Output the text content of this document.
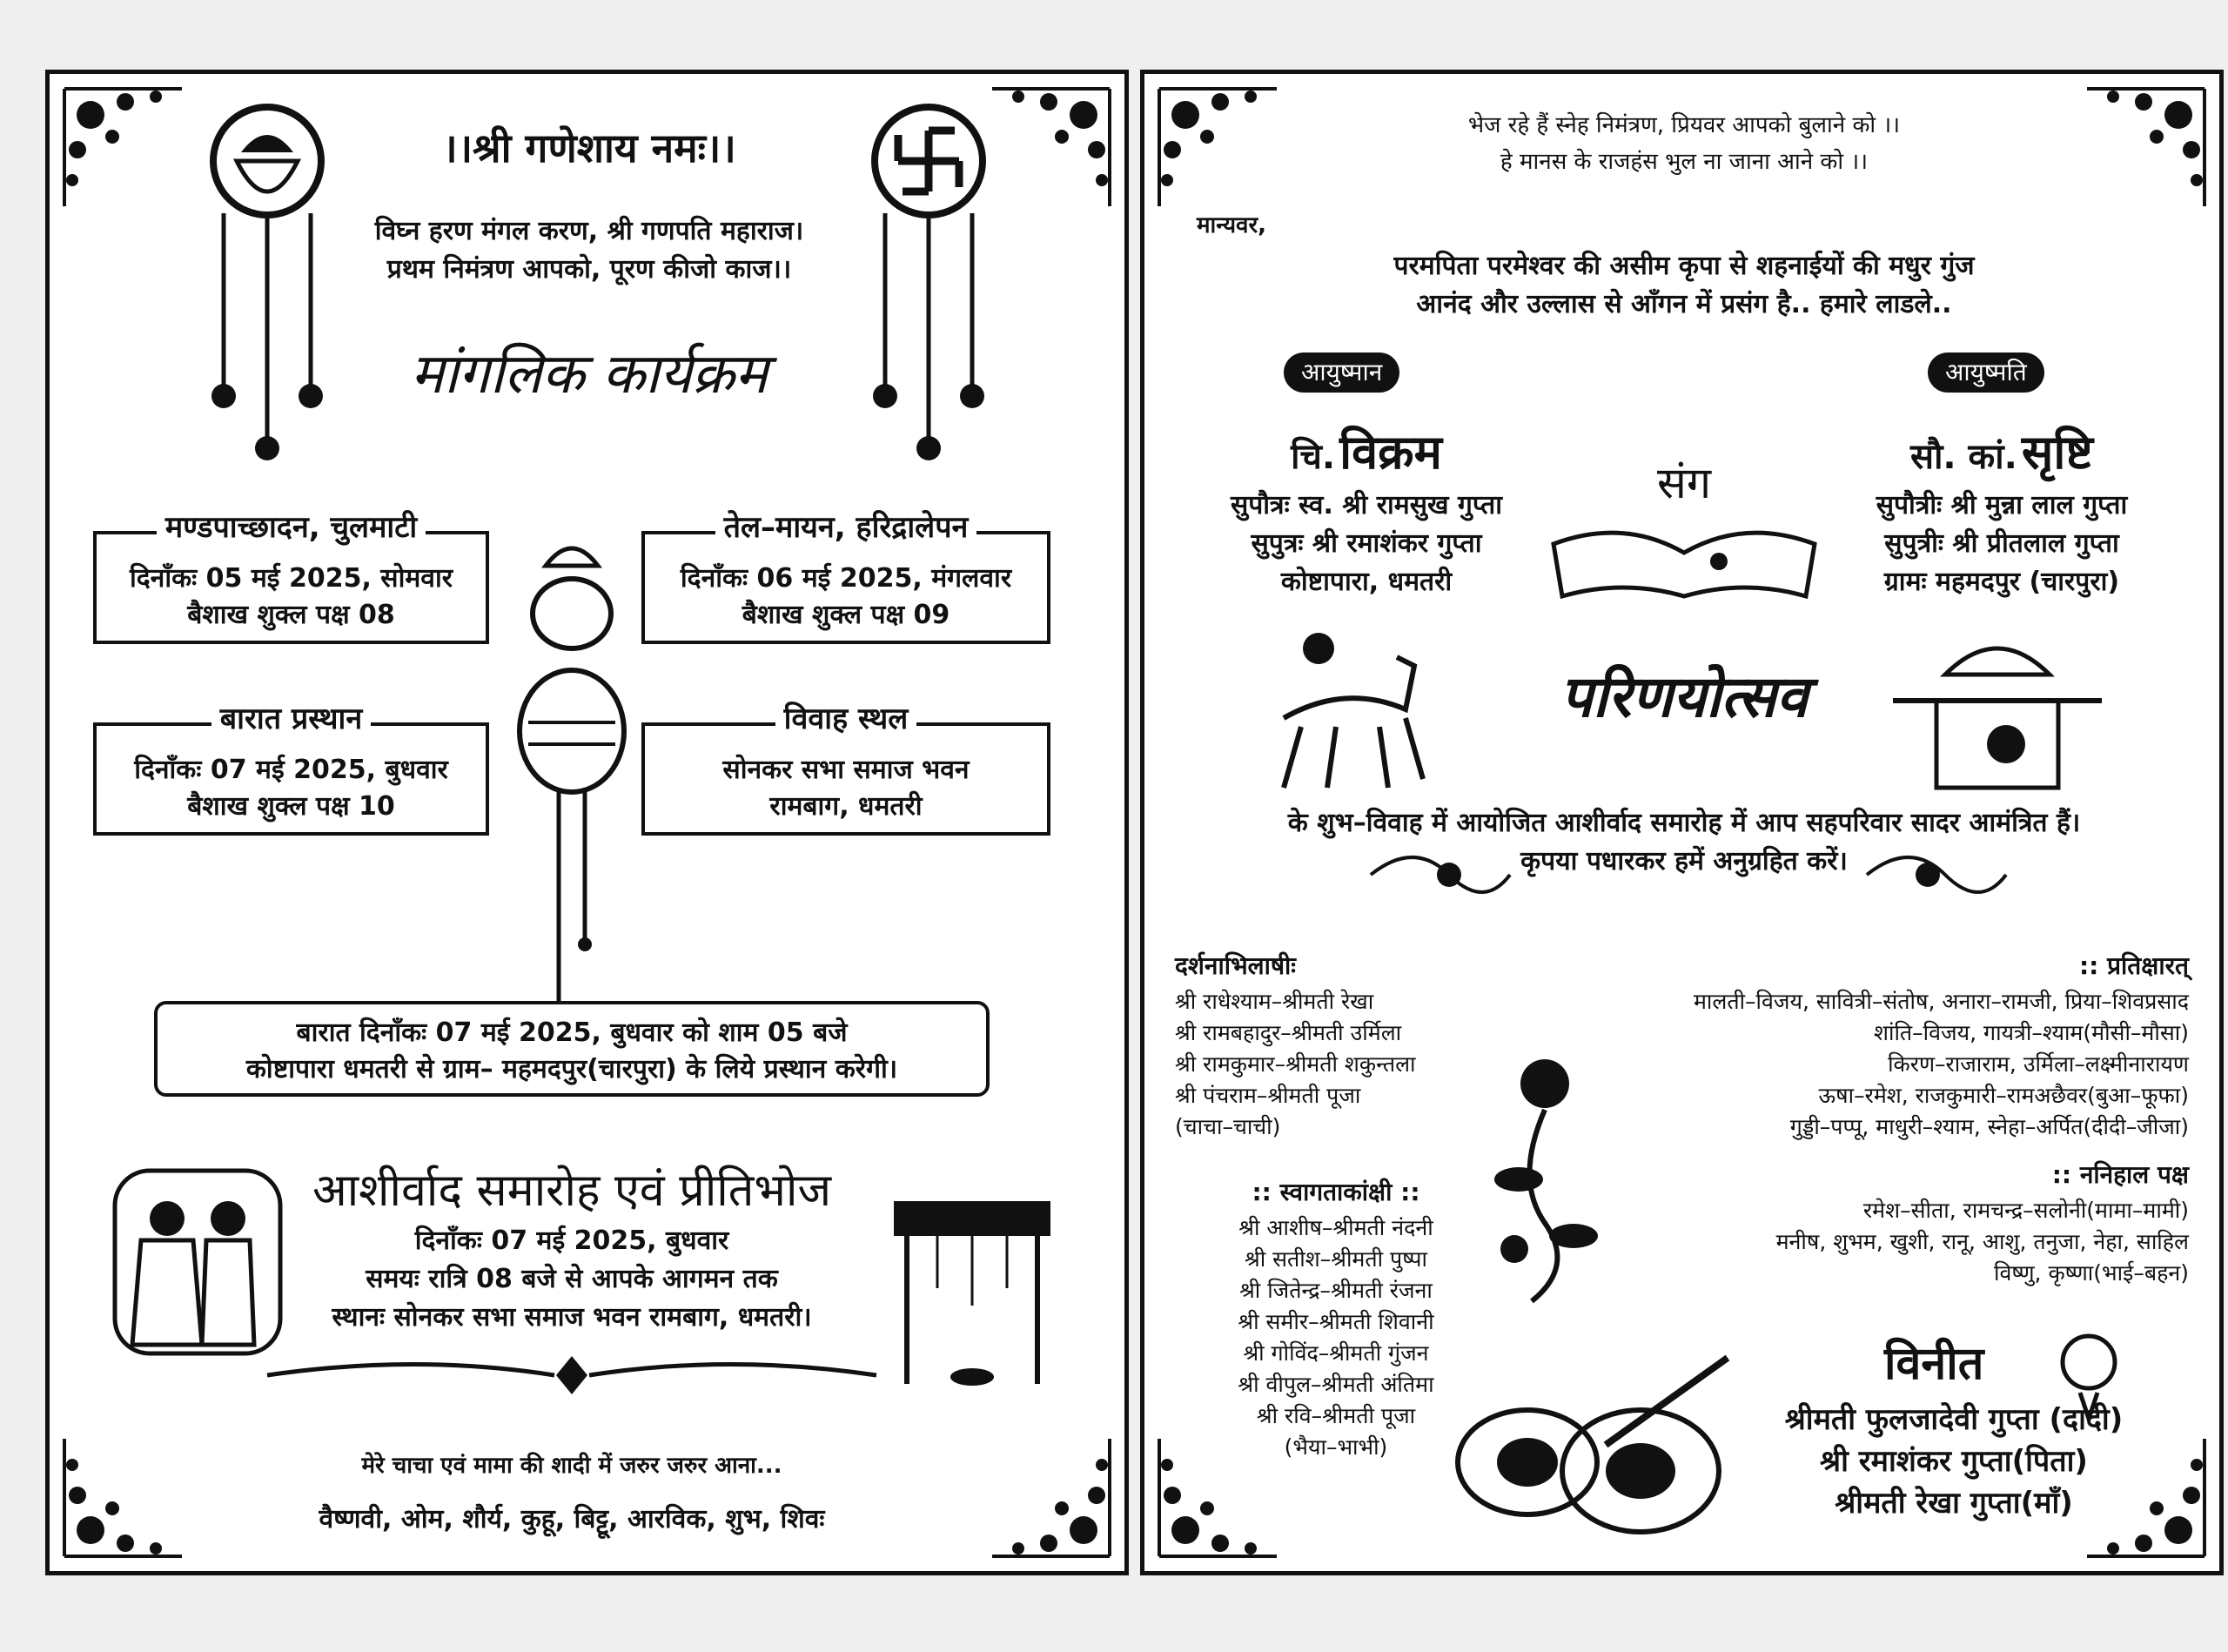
।।श्री गणेशाय नमः।।
विघ्न हरण मंगल करण, श्री गणपति महाराज।
प्रथम निमंत्रण आपको, पूरण कीजो काज।।
मांगलिक कार्यक्रम
मण्डपाच्छादन, चुलमाटी
दिनाँकः 05 मई 2025, सोमवार
बैशाख शुक्ल पक्ष 08
तेल–मायन, हरिद्रालेपन
दिनाँकः 06 मई 2025, मंगलवार
बैशाख शुक्ल पक्ष 09
बारात प्रस्थान
दिनाँकः 07 मई 2025, बुधवार
बैशाख शुक्ल पक्ष 10
विवाह स्थल
सोनकर सभा समाज भवन
रामबाग, धमतरी
बारात दिनाँकः 07 मई 2025, बुधवार को शाम 05 बजे
कोष्टापारा धमतरी से ग्राम– महमदपुर(चारपुरा) के लिये प्रस्थान करेगी।
आशीर्वाद समारोह एवं प्रीतिभोज
दिनाँकः 07 मई 2025, बुधवार
समयः रात्रि 08 बजे से आपके आगमन तक
स्थानः सोनकर सभा समाज भवन रामबाग, धमतरी।
मेरे चाचा एवं मामा की शादी में जरुर जरुर आना...
वैष्णवी, ओम, शौर्य, कुहू, बिट्टू, आरविक, शुभ, शिवः
भेज रहे हैं स्नेह निमंत्रण, प्रियवर आपको बुलाने को ।।
हे मानस के राजहंस भुल ना जाना आने को ।।
मान्यवर,
परमपिता परमेश्वर की असीम कृपा से शहनाईयों की मधुर गुंज
आनंद और उल्लास से आँगन में प्रसंग है.. हमारे लाडले..
आयुष्मान	आयुष्मति
चि. विक्रम
सुपौत्रः स्व. श्री रामसुख गुप्ता
सुपुत्रः श्री रमाशंकर गुप्ता
कोष्टापारा, धमतरी
सौ. कां. सृष्टि
सुपौत्रीः श्री मुन्ना लाल गुप्ता
सुपुत्रीः श्री प्रीतलाल गुप्ता
ग्रामः महमदपुर (चारपुरा)
संग
परिणयोत्सव
के शुभ–विवाह में आयोजित आशीर्वाद समारोह में आप सहपरिवार सादर आमंत्रित हैं।
कृपया पधारकर हमें अनुग्रहित करें।
दर्शनाभिलाषीः
श्री राधेश्याम–श्रीमती रेखा
श्री रामबहादुर–श्रीमती उर्मिला
श्री रामकुमार–श्रीमती शकुन्तला
श्री पंचराम–श्रीमती पूजा
(चाचा–चाची)
:: स्वागताकांक्षी ::
श्री आशीष–श्रीमती नंदनी
श्री सतीश–श्रीमती पुष्पा
श्री जितेन्द्र–श्रीमती रंजना
श्री समीर–श्रीमती शिवानी
श्री गोविंद–श्रीमती गुंजन
श्री वीपुल–श्रीमती अंतिमा
श्री रवि–श्रीमती पूजा
(भैया–भाभी)
:: प्रतिक्षारत्
मालती–विजय, सावित्री–संतोष, अनारा–रामजी, प्रिया–शिवप्रसाद
शांति–विजय, गायत्री–श्याम(मौसी–मौसा)
किरण–राजाराम, उर्मिला–लक्ष्मीनारायण
ऊषा–रमेश, राजकुमारी–रामअछैवर(बुआ–फूफा)
गुड्डी–पप्पू, माधुरी–श्याम, स्नेहा–अर्पित(दीदी–जीजा)
:: ननिहाल पक्ष
रमेश–सीता, रामचन्द्र–सलोनी(मामा–मामी)
मनीष, शुभम, खुशी, रानू, आशु, तनुजा, नेहा, साहिल
विष्णु, कृष्णा(भाई–बहन)
विनीत
श्रीमती फुलजादेवी गुप्ता (दादी)
श्री रमाशंकर गुप्ता(पिता)
श्रीमती रेखा गुप्ता(माँ)
